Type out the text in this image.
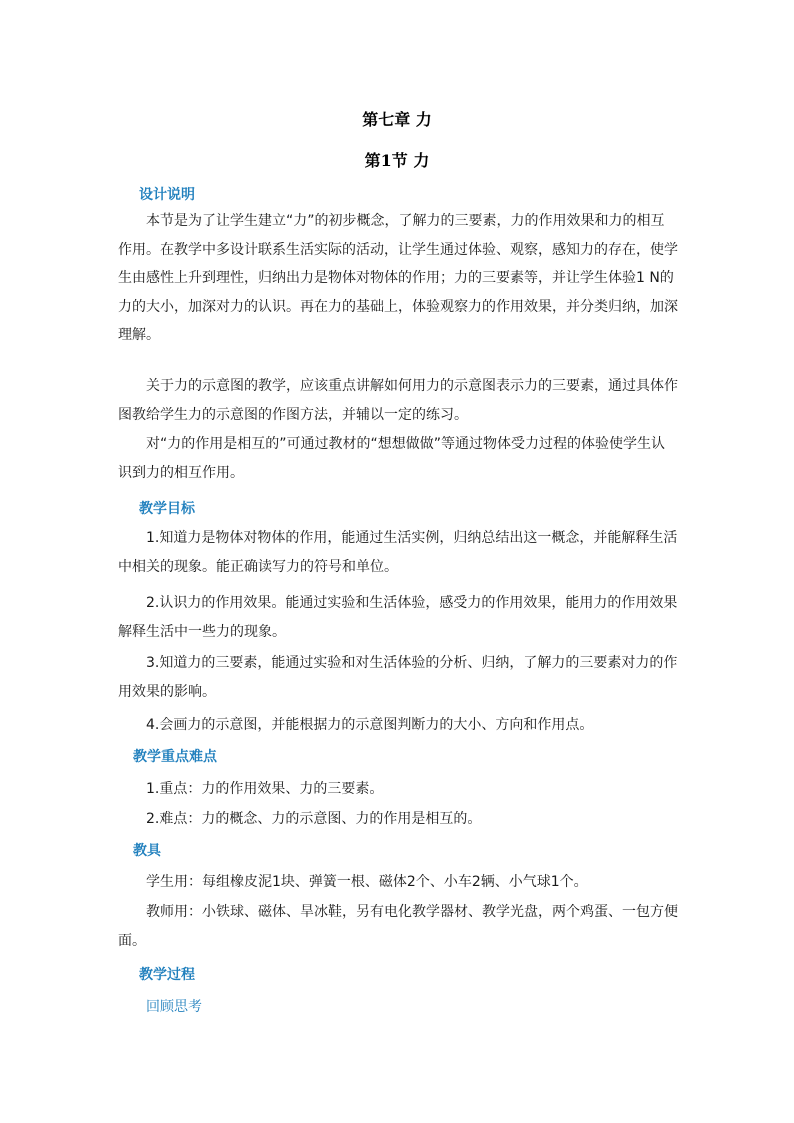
第七章 力
第1节 力
设计说明

本节是为了让学生建立“力”的初步概念，了解力的三要素，力的作用效果和力的相互作用。在教学中多设计联系生活实际的活动，让学生通过体验、观察，感知力的存在，使学生由感性上升到理性，归纳出力是物体对物体的作用；力的三要素等，并让学生体验1 N的力的大小，加深对力的认识。再在力的基础上，体验观察力的作用效果，并分类归纳，加深理解。

关于力的示意图的教学，应该重点讲解如何用力的示意图表示力的三要素，通过具体作图教给学生力的示意图的作图方法，并辅以一定的练习。

对“力的作用是相互的”可通过教材的“想想做做”等通过物体受力过程的体验使学生认识到力的相互作用。

教学目标

1.知道力是物体对物体的作用，能通过生活实例，归纳总结出这一概念，并能解释生活中相关的现象。能正确读写力的符号和单位。

2.认识力的作用效果。能通过实验和生活体验，感受力的作用效果，能用力的作用效果解释生活中一些力的现象。

3.知道力的三要素，能通过实验和对生活体验的分析、归纳，了解力的三要素对力的作用效果的影响。

4.会画力的示意图，并能根据力的示意图判断力的大小、方向和作用点。

教学重点难点

1.重点：力的作用效果、力的三要素。

2.难点：力的概念、力的示意图、力的作用是相互的。

教具

学生用：每组橡皮泥1块、弹簧一根、磁体2个、小车2辆、小气球1个。

教师用：小铁球、磁体、旱冰鞋，另有电化教学器材、教学光盘，两个鸡蛋、一包方便面。

教学过程
回顾思考
